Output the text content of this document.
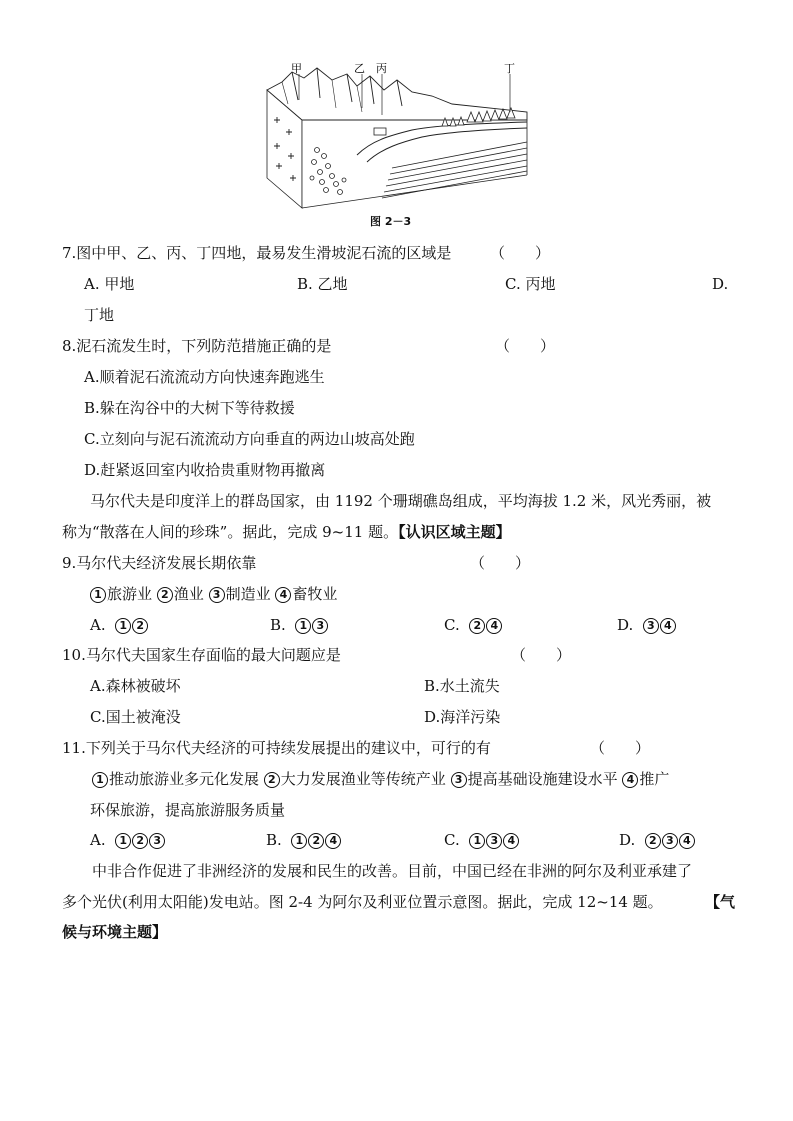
甲	乙 丙	丁
图 2－3
7.图中甲、乙、丙、丁四地，最易发生滑坡泥石流的区域是	（　　）
A. 甲地	B. 乙地	C. 丙地	D.
丁地
8.泥石流发生时，下列防范措施正确的是	（　　）
A.顺着泥石流流动方向快速奔跑逃生
B.躲在沟谷中的大树下等待救援
C.立刻向与泥石流流动方向垂直的两边山坡高处跑
D.赶紧返回室内收拾贵重财物再撤离
马尔代夫是印度洋上的群岛国家，由 1192 个珊瑚礁岛组成，平均海拔 1.2 米，风光秀丽，被
称为“散落在人间的珍珠”。据此，完成 9~11 题。【认识区域主题】
9.马尔代夫经济发展长期依靠	（　　）
1 旅游业 2 渔业 3 制造业 4 畜牧业
A. 1 2	B. 1 3	C. 2 4	D. 3 4
10.马尔代夫国家生存面临的最大问题应是	（　　）
A.森林被破坏	B.水土流失
C.国土被淹没	D.海洋污染
11.下列关于马尔代夫经济的可持续发展提出的建议中，可行的有	（　　）
1 推动旅游业多元化发展 2 大力发展渔业等传统产业 3 提高基础设施建设水平 4 推广
环保旅游，提高旅游服务质量
A. 1 2 3	B. 1 2 4	C. 1 3 4	D. 2 3 4
中非合作促进了非洲经济的发展和民生的改善。目前，中国已经在非洲的阿尔及利亚承建了
多个光伏(利用太阳能)发电站。图 2-4 为阿尔及利亚位置示意图。据此，完成 12~14 题。	【气
候与环境主题】
